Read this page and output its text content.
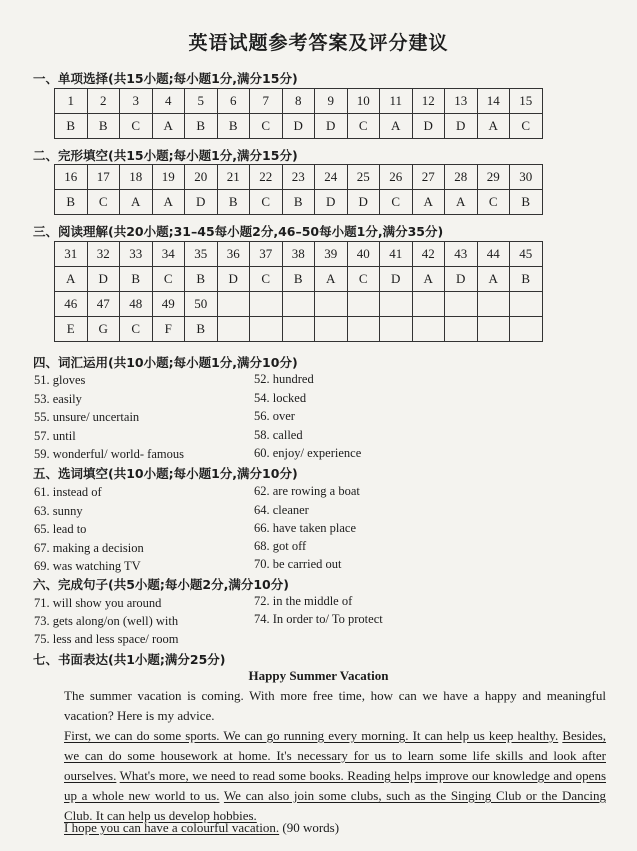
英语试题参考答案及评分建议
一、单项选择(共15小题;每小题1分,满分15分)
1	2	3	4	5	6	7	8	9	10	11	12	13	14	15
B	B	C	A	B	B	C	D	D	C	A	D	D	A	C
二、完形填空(共15小题;每小题1分,满分15分)
16	17	18	19	20	21	22	23	24	25	26	27	28	29	30
B	C	A	A	D	B	C	B	D	D	C	A	A	C	B
三、阅读理解(共20小题;31–45每小题2分,46–50每小题1分,满分35分)
31	32	33	34	35	36	37	38	39	40	41	42	43	44	45
A	D	B	C	B	D	C	B	A	C	D	A	D	A	B
46	47	48	49	50										
E	G	C	F	B										
四、词汇运用(共10小题;每小题1分,满分10分)
51. gloves	52. hundred
53. easily	54. locked
55. unsure/ uncertain	56. over
57. until	58. called
59. wonderful/ world- famous	60. enjoy/ experience
五、选词填空(共10小题;每小题1分,满分10分)
61. instead of	62. are rowing a boat
63. sunny	64. cleaner
65. lead to	66. have taken place
67. making a decision	68. got off
69. was watching TV	70. be carried out
六、完成句子(共5小题;每小题2分,满分10分)
71. will show you around	72. in the middle of
73. gets along/on (well) with	74. In order to/ To protect
75. less and less space/ room
七、书面表达(共1小题;满分25分)
Happy Summer Vacation
The summer vacation is coming. With more free time, how can we have a happy and meaningful vacation? Here is my advice.
First, we can do some sports. We can go running every morning. It can help us keep healthy. Besides, we can do some housework at home. It's necessary for us to learn some life skills and look after ourselves. What's more, we need to read some books. Reading helps improve our knowledge and opens up a whole new world to us. We can also join some clubs, such as the Singing Club or the Dancing Club. It can help us develop hobbies.
I hope you can have a colourful vacation. (90 words)
